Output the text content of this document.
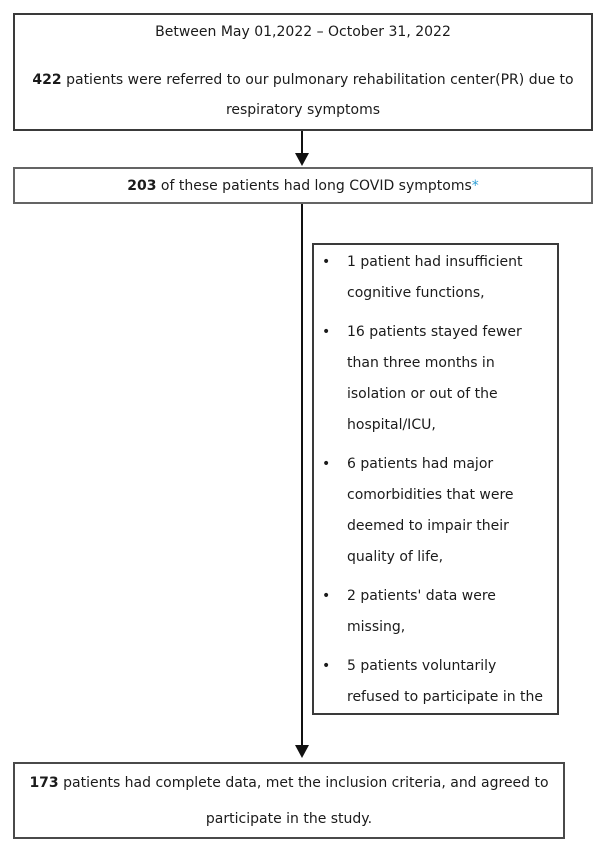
Between May 01,2022 – October 31, 2022

422 patients were referred to our pulmonary rehabilitation center(PR) due to respiratory symptoms

203 of these patients had long COVID symptoms*
• 1 patient had insufficient cognitive functions,
• 16 patients stayed fewer than three months in isolation or out of the hospital/ICU,
• 6 patients had major comorbidities that were deemed to impair their quality of life,
• 2 patients' data were missing,
• 5 patients voluntarily refused to participate in the
173 patients had complete data, met the inclusion criteria, and agreed to participate in the study.
